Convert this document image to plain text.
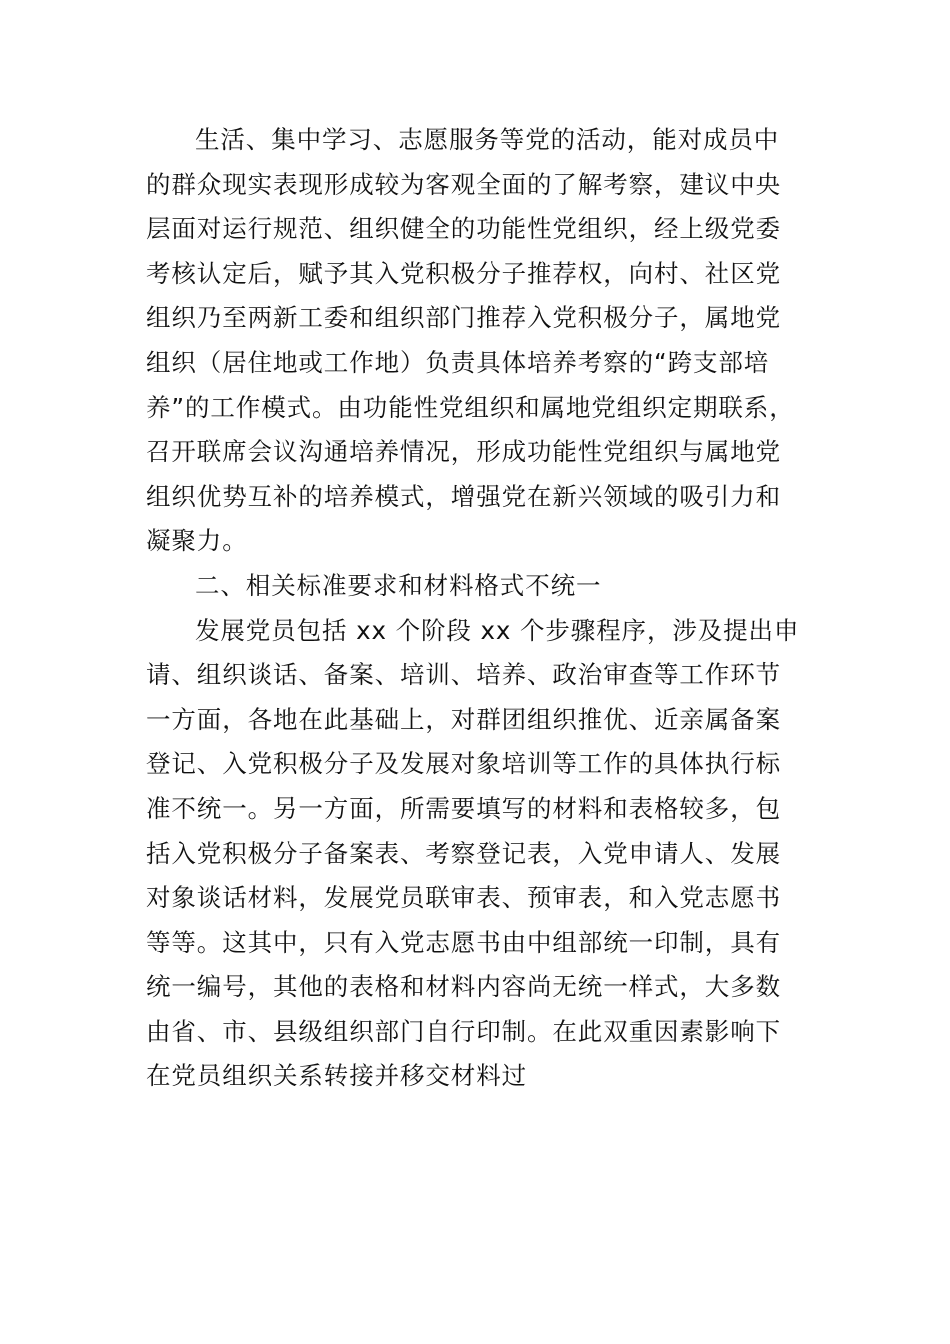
生活、集中学习、志愿服务等党的活动，能对成员中
的群众现实表现形成较为客观全面的了解考察，建议中央
层面对运行规范、组织健全的功能性党组织，经上级党委
考核认定后，赋予其入党积极分子推荐权，向村、社区党
组织乃至两新工委和组织部门推荐入党积极分子，属地党
组织（居住地或工作地）负责具体培养考察的“跨支部培
养”的工作模式。由功能性党组织和属地党组织定期联系，
召开联席会议沟通培养情况，形成功能性党组织与属地党
组织优势互补的培养模式，增强党在新兴领域的吸引力和
凝聚力。
二、相关标准要求和材料格式不统一
发展党员包括 xx 个阶段 xx 个步骤程序，涉及提出申
请、组织谈话、备案、培训、培养、政治审查等工作环节
一方面，各地在此基础上，对群团组织推优、近亲属备案
登记、入党积极分子及发展对象培训等工作的具体执行标
准不统一。另一方面，所需要填写的材料和表格较多，包
括入党积极分子备案表、考察登记表，入党申请人、发展
对象谈话材料，发展党员联审表、预审表，和入党志愿书
等等。这其中，只有入党志愿书由中组部统一印制，具有
统一编号，其他的表格和材料内容尚无统一样式，大多数
由省、市、县级组织部门自行印制。在此双重因素影响下
在党员组织关系转接并移交材料过
